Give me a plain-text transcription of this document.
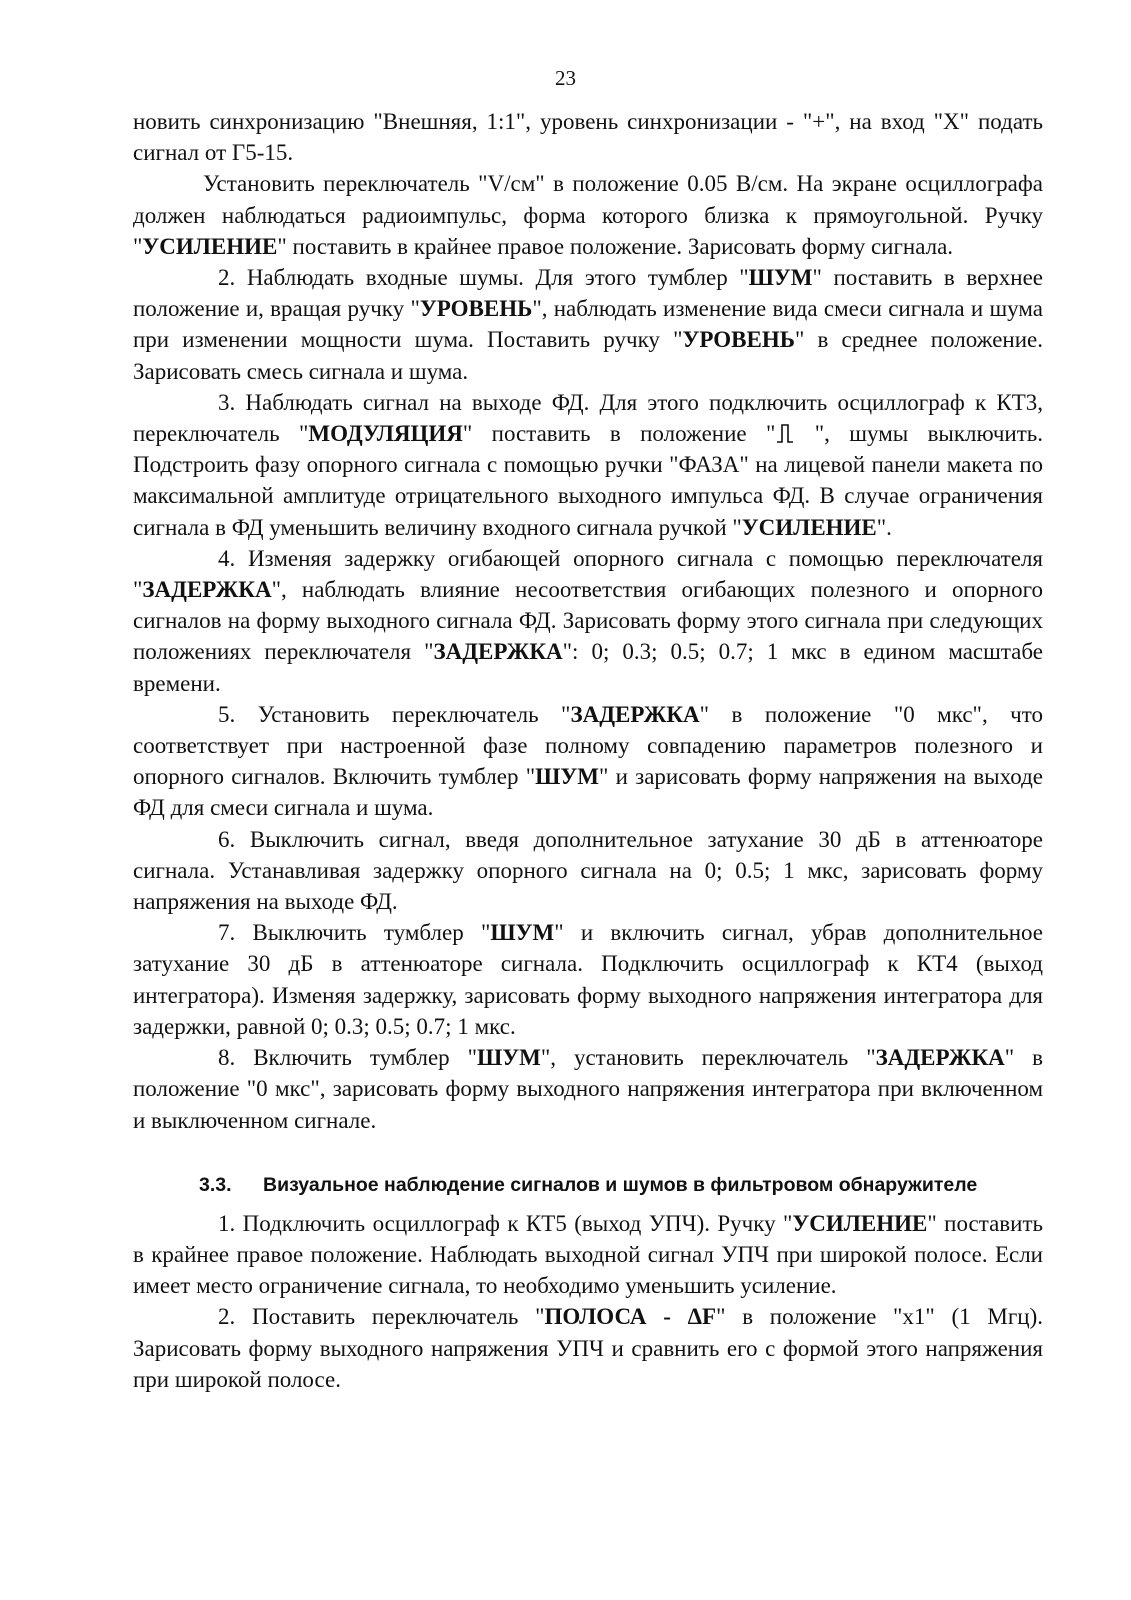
23

новить синхронизацию "Внешняя, 1:1", уровень синхронизации - "+", на вход "Х" подать сигнал от Г5-15.

Установить переключатель "V/см" в положение 0.05 В/см. На экране осциллографа должен наблюдаться радиоимпульс, форма которого близка к прямоугольной. Ручку "УСИЛЕНИЕ" поставить в крайнее правое положение. Зарисовать форму сигнала.

2. Наблюдать входные шумы. Для этого тумблер "ШУМ" поставить в верхнее положение и, вращая ручку "УРОВЕНЬ", наблюдать изменение вида смеси сигнала и шума при изменении мощности шума. Поставить ручку "УРОВЕНЬ" в среднее положение. Зарисовать смесь сигнала и шума.

3. Наблюдать сигнал на выходе ФД. Для этого подключить осциллограф к КТ3, переключатель "МОДУЛЯЦИЯ" поставить в положение " ", шумы выключить. Подстроить фазу опорного сигнала с помощью ручки "ФАЗА" на лицевой панели макета по максимальной амплитуде отрицательного выходного импульса ФД. В случае ограничения сигнала в ФД уменьшить величину входного сигнала ручкой "УСИЛЕНИЕ".

4. Изменяя задержку огибающей опорного сигнала с помощью переключателя "ЗАДЕРЖКА", наблюдать влияние несоответствия огибающих полезного и опорного сигналов на форму выходного сигнала ФД. Зарисовать форму этого сигнала при следующих положениях переключателя "ЗАДЕРЖКА": 0; 0.3; 0.5; 0.7; 1 мкс в едином масштабе времени.

5. Установить переключатель "ЗАДЕРЖКА" в положение "0 мкс", что соответствует при настроенной фазе полному совпадению параметров полезного и опорного сигналов. Включить тумблер "ШУМ" и зарисовать форму напряжения на выходе ФД для смеси сигнала и шума.

6. Выключить сигнал, введя дополнительное затухание 30 дБ в аттенюаторе сигнала. Устанавливая задержку опорного сигнала на 0; 0.5; 1 мкс, зарисовать форму напряжения на выходе ФД.

7. Выключить тумблер "ШУМ" и включить сигнал, убрав дополнительное затухание 30 дБ в аттенюаторе сигнала. Подключить осциллограф к КТ4 (выход интегратора). Изменяя задержку, зарисовать форму выходного напряжения интегратора для задержки, равной 0; 0.3; 0.5; 0.7; 1 мкс.

8. Включить тумблер "ШУМ", установить переключатель "ЗАДЕРЖКА" в положение "0 мкс", зарисовать форму выходного напряжения интегратора при включенном и выключенном сигнале.

3.3.	Визуальное наблюдение сигналов и шумов в фильтровом обнаружителе

1. Подключить осциллограф к КТ5 (выход УПЧ). Ручку "УСИЛЕНИЕ" поставить в крайнее правое положение. Наблюдать выходной сигнал УПЧ при широкой полосе. Если имеет место ограничение сигнала, то необходимо уменьшить усиление.

2. Поставить переключатель "ПОЛОСА - ΔF" в положение "х1" (1 Мгц). Зарисовать форму выходного напряжения УПЧ и сравнить его с формой этого напряжения при широкой полосе.
